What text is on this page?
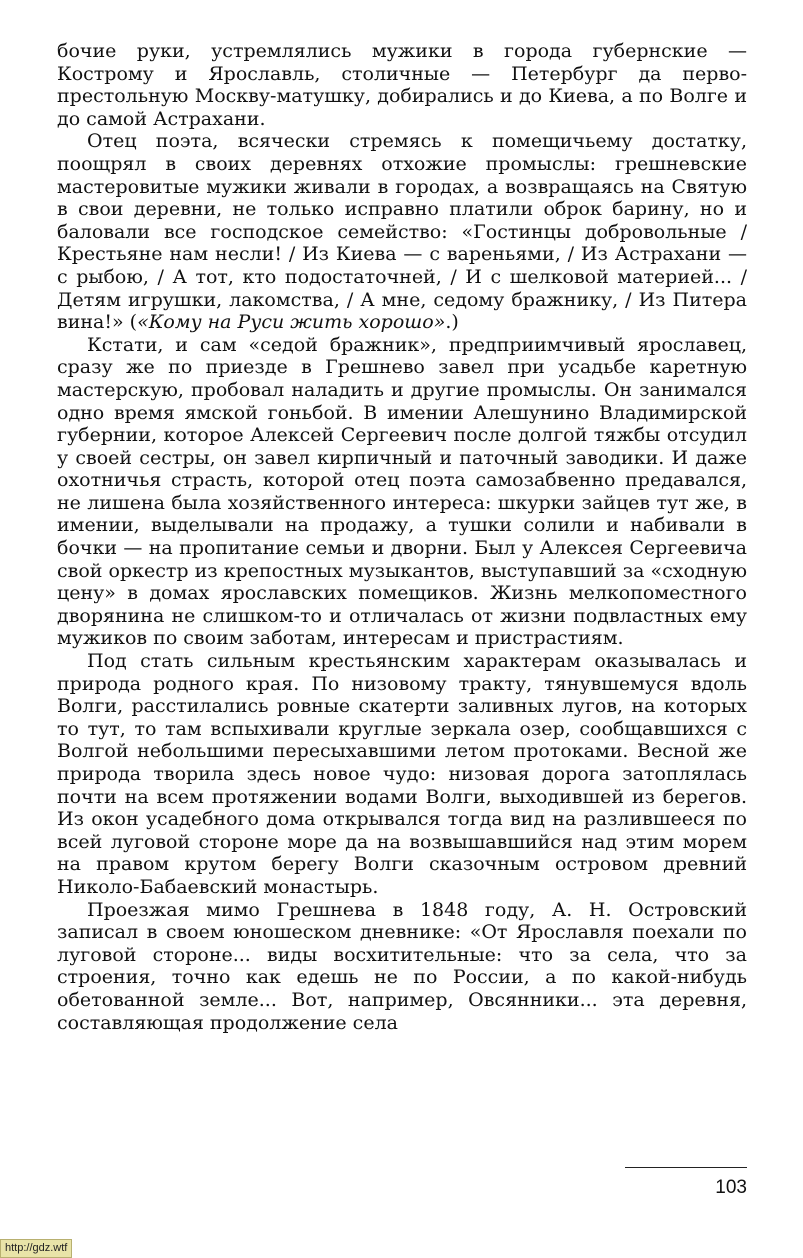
бочие руки, устремлялись мужики в города губернские — Кострому и Ярославль, столичные — Петербург да первопрестольную Москву-матушку, добирались и до Киева, а по Волге и до самой Астрахани.

Отец поэта, всячески стремясь к помещичьему достатку, поощрял в своих деревнях отхожие промыслы: грешневские мастеровитые мужики живали в городах, а возвращаясь на Святую в свои деревни, не только исправно платили оброк барину, но и баловали все господское семейство: «Гостинцы добровольные /Крестьяне нам несли! / Из Киева — с вареньями, / Из Астрахани — с рыбою, / А тот, кто подостаточней, / И с шелковой материей... / Детям игрушки, лакомства, / А мне, седому бражнику, / Из Питера вина!» («Кому на Руси жить хорошо».)

Кстати, и сам «седой бражник», предприимчивый ярославец, сразу же по приезде в Грешнево завел при усадьбе каретную мастерскую, пробовал наладить и другие промыслы. Он занимался одно время ямской гоньбой. В имении Алешунино Владимирской губернии, которое Алексей Сергеевич после долгой тяжбы отсудил у своей сестры, он завел кирпичный и паточный заводики. И даже охотничья страсть, которой отец поэта самозабвенно предавался, не лишена была хозяйственного интереса: шкурки зайцев тут же, в имении, выделывали на продажу, а тушки солили и набивали в бочки — на пропитание семьи и дворни. Был у Алексея Сергеевича свой оркестр из крепостных музыкантов, выступавший за «сходную цену» в домах ярославских помещиков. Жизнь мелкопоместного дворянина не слишком-то и отличалась от жизни подвластных ему мужиков по своим заботам, интересам и пристрастиям.

Под стать сильным крестьянским характерам оказывалась и природа родного края. По низовому тракту, тянувшемуся вдоль Волги, расстилались ровные скатерти заливных лугов, на которых то тут, то там вспыхивали круглые зеркала озер, сообщавшихся с Волгой небольшими пересыхавшими летом протоками. Весной же природа творила здесь новое чудо: низовая дорога затоплялась почти на всем протяжении водами Волги, выходившей из берегов. Из окон усадебного дома открывался тогда вид на разлившееся по всей луговой стороне море да на возвышавшийся над этим морем на правом крутом берегу Волги сказочным островом древний Николо-Бабаевский монастырь.

Проезжая мимо Грешнева в 1848 году, А. Н. Островский записал в своем юношеском дневнике: «От Ярославля поехали по луговой стороне... виды восхитительные: что за села, что за строения, точно как едешь не по России, а по какой-нибудь обетованной земле... Вот, например, Овсянники... эта деревня, составляющая продолжение села

103
http://gdz.wtf
